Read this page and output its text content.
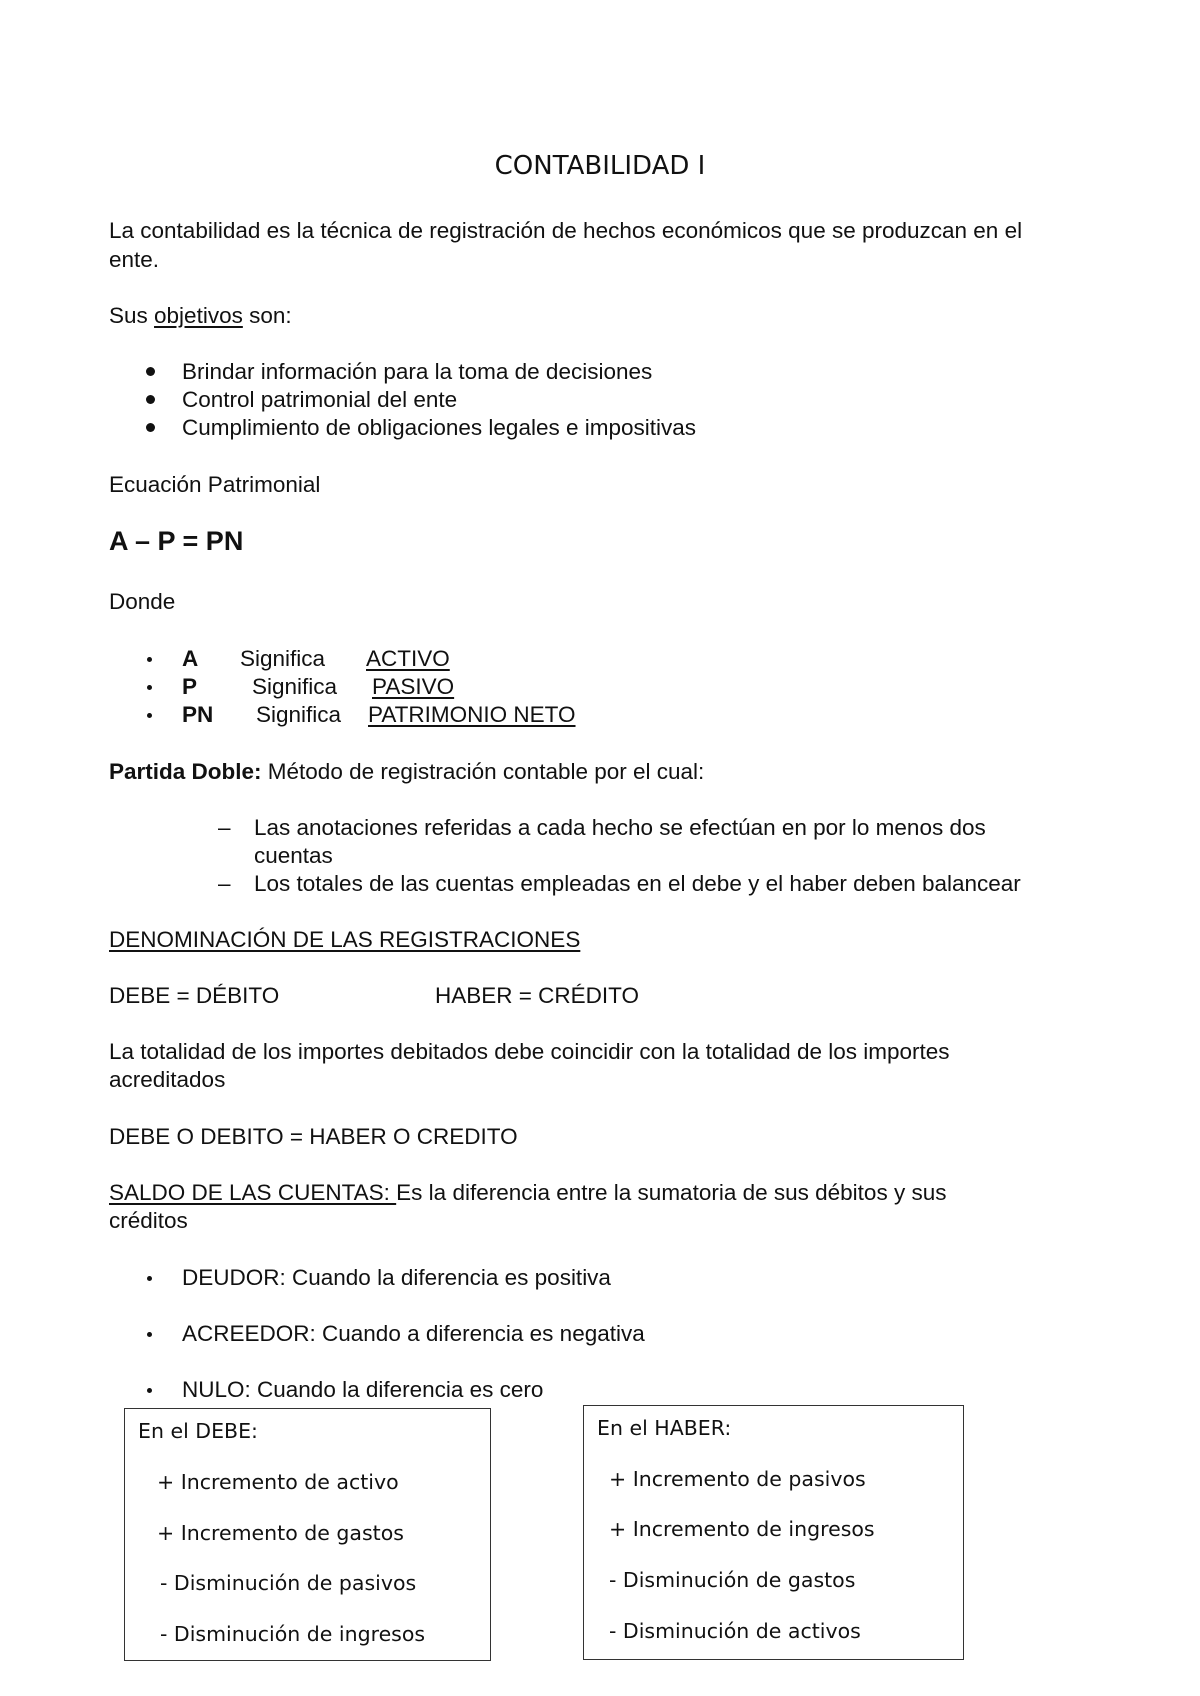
CONTABILIDAD I
La contabilidad es la técnica de registración de hechos económicos que se produzcan en el
ente.
Sus objetivos son:
Brindar información para la toma de decisiones
Control patrimonial del ente
Cumplimiento de obligaciones legales e impositivas
Ecuación Patrimonial
A – P = PN
Donde
A Significa ACTIVO
P Significa PASIVO
PN Significa PATRIMONIO NETO
Partida Doble: Método de registración contable por el cual:
– Las anotaciones referidas a cada hecho se efectúan en por lo menos dos
cuentas
– Los totales de las cuentas empleadas en el debe y el haber deben balancear
DENOMINACIÓN DE LAS REGISTRACIONES
DEBE = DÉBITO	HABER = CRÉDITO
La totalidad de los importes debitados debe coincidir con la totalidad de los importes
acreditados
DEBE O DEBITO = HABER O CREDITO
SALDO DE LAS CUENTAS: Es la diferencia entre la sumatoria de sus débitos y sus
créditos
DEUDOR: Cuando la diferencia es positiva
ACREEDOR: Cuando a diferencia es negativa
NULO: Cuando la diferencia es cero
En el DEBE:
+ Incremento de activo
+ Incremento de gastos
- Disminución de pasivos
- Disminución de ingresos
En el HABER:
+ Incremento de pasivos
+ Incremento de ingresos
- Disminución de gastos
- Disminución de activos
